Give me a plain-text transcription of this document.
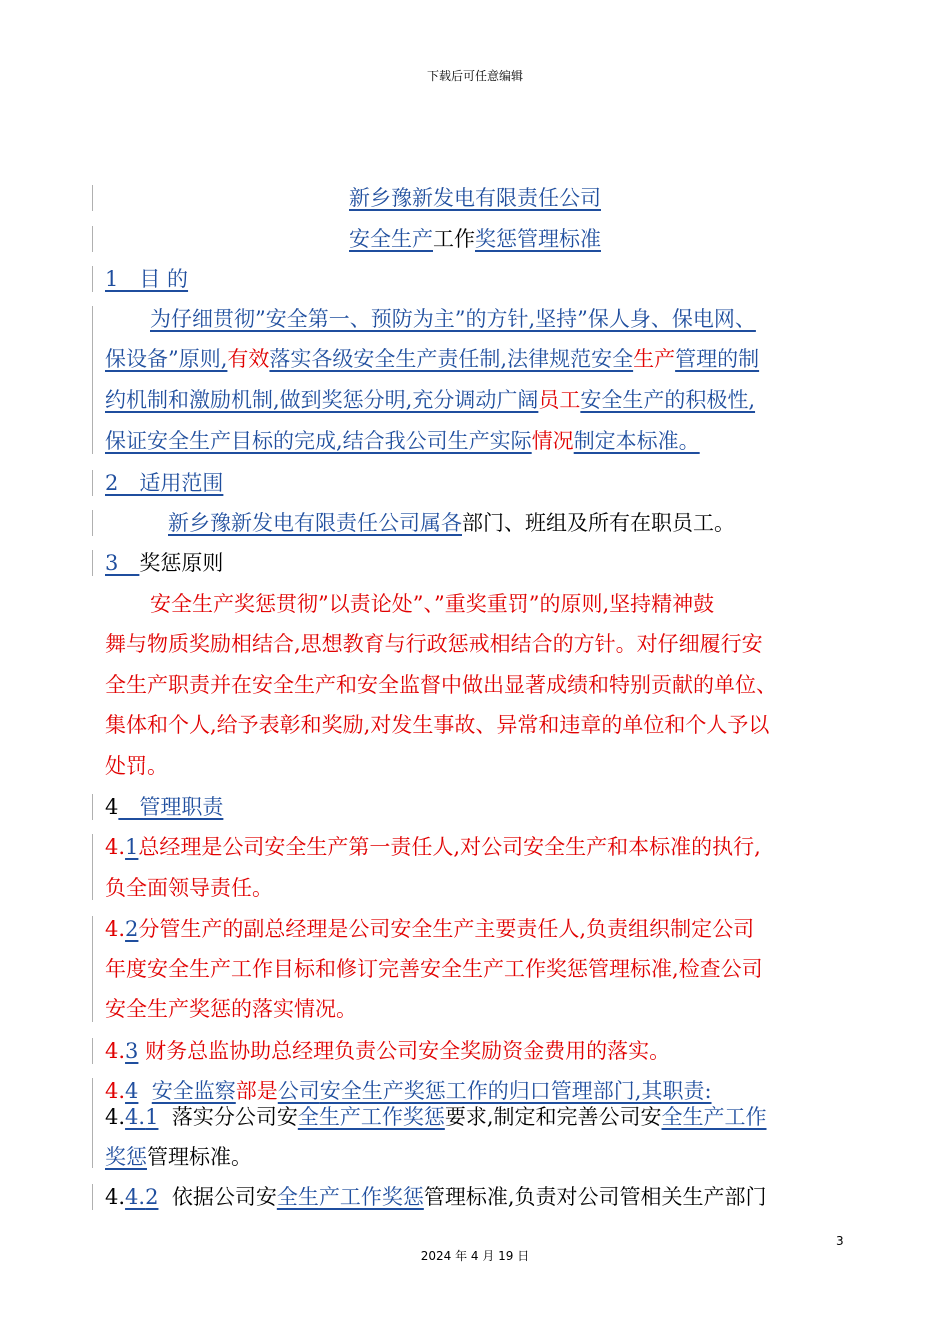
下载后可任意编辑
新乡豫新发电有限责任公司
安全生产工作奖惩管理标准
1　目 的
为仔细贯彻”安全第一、预防为主”的方针,坚持”保人身、保电网、
保设备”原则,有效落实各级安全生产责任制,法律规范安全生产管理的制
约机制和激励机制,做到奖惩分明,充分调动广阔员工安全生产的积极性,
保证安全生产目标的完成,结合我公司生产实际情况制定本标准。
2　适用范围
新乡豫新发电有限责任公司属各部门、班组及所有在职员工。
3　奖惩原则
安全生产奖惩贯彻”以责论处”、”重奖重罚”的原则,坚持精神鼓
舞与物质奖励相结合,思想教育与行政惩戒相结合的方针。对仔细履行安
全生产职责并在安全生产和安全监督中做出显著成绩和特别贡献的单位、
集体和个人,给予表彰和奖励,对发生事故、异常和违章的单位和个人予以
处罚。
4　管理职责
4.1总经理是公司安全生产第一责任人,对公司安全生产和本标准的执行,
负全面领导责任。
4.2分管生产的副总经理是公司安全生产主要责任人,负责组织制定公司
年度安全生产工作目标和修订完善安全生产工作奖惩管理标准,检查公司
安全生产奖惩的落实情况。
4.3 财务总监协助总经理负责公司安全奖励资金费用的落实。
4.4 安全监察部是公司安全生产奖惩工作的归口管理部门,其职责:
4.4.1 落实分公司安全生产工作奖惩要求,制定和完善公司安全生产工作
奖惩管理标准。
4.4.2 依据公司安全生产工作奖惩管理标准,负责对公司管相关生产部门
3
2024 年 4 月 19 日
